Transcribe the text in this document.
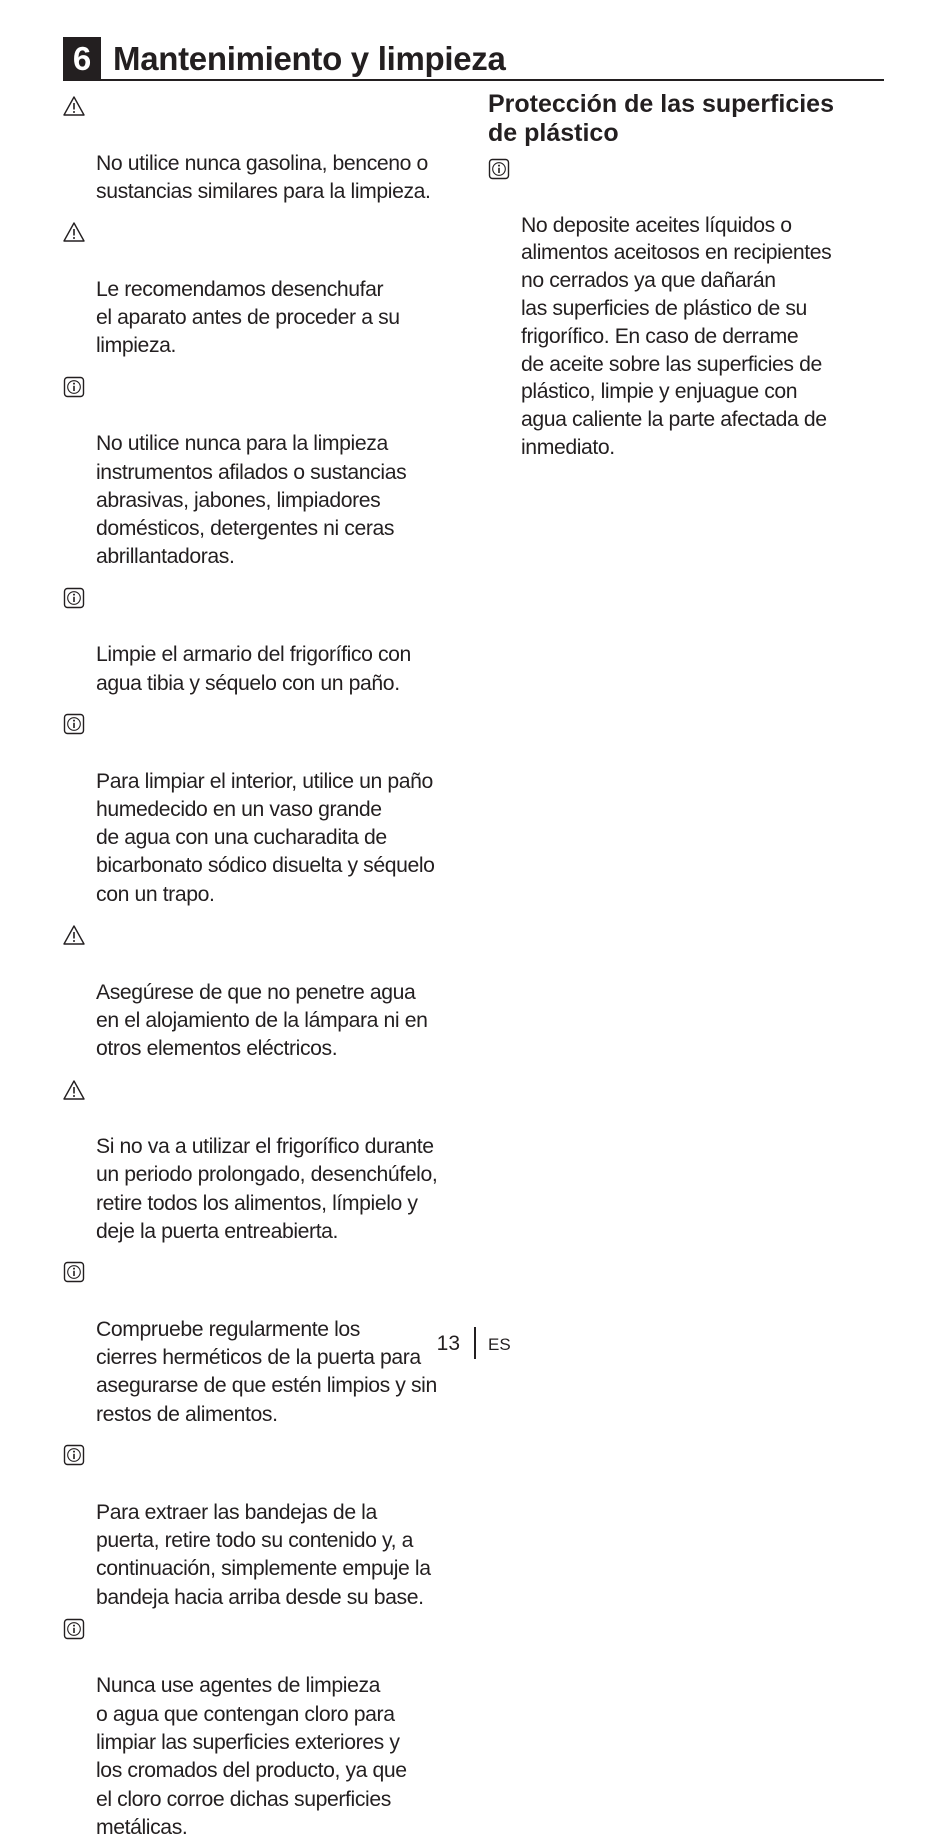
6 Mantenimiento y limpieza

No utilice nunca gasolina, benceno o
sustancias similares para la limpieza.

Le recomendamos desenchufar
el aparato antes de proceder a su
limpieza.

No utilice nunca para la limpieza
instrumentos afilados o sustancias
abrasivas, jabones, limpiadores
domésticos, detergentes ni ceras
abrillantadoras.

Limpie el armario del frigorífico con
agua tibia y séquelo con un paño.

Para limpiar el interior, utilice un paño
humedecido en un vaso grande
de agua con una cucharadita de
bicarbonato sódico disuelta y séquelo
con un trapo.

Asegúrese de que no penetre agua
en el alojamiento de la lámpara ni en
otros elementos eléctricos.

Si no va a utilizar el frigorífico durante
un periodo prolongado, desenchúfelo,
retire todos los alimentos, límpielo y
deje la puerta entreabierta.

Compruebe regularmente los
cierres herméticos de la puerta para
asegurarse de que estén limpios y sin
restos de alimentos.

Para extraer las bandejas de la
puerta, retire todo su contenido y, a
continuación, simplemente empuje la
bandeja hacia arriba desde su base.

Nunca use agentes de limpieza
o agua que contengan cloro para
limpiar las superficies exteriores y
los cromados del producto, ya que
el cloro corroe dichas superficies
metálicas.

Protección de las superficies
de plástico

No deposite aceites líquidos o
alimentos aceitosos en recipientes
no cerrados ya que dañarán
las superficies de plástico de su
frigorífico. En caso de derrame
de aceite sobre las superficies de
plástico, limpie y enjuague con
agua caliente la parte afectada de
inmediato.

13 ES
